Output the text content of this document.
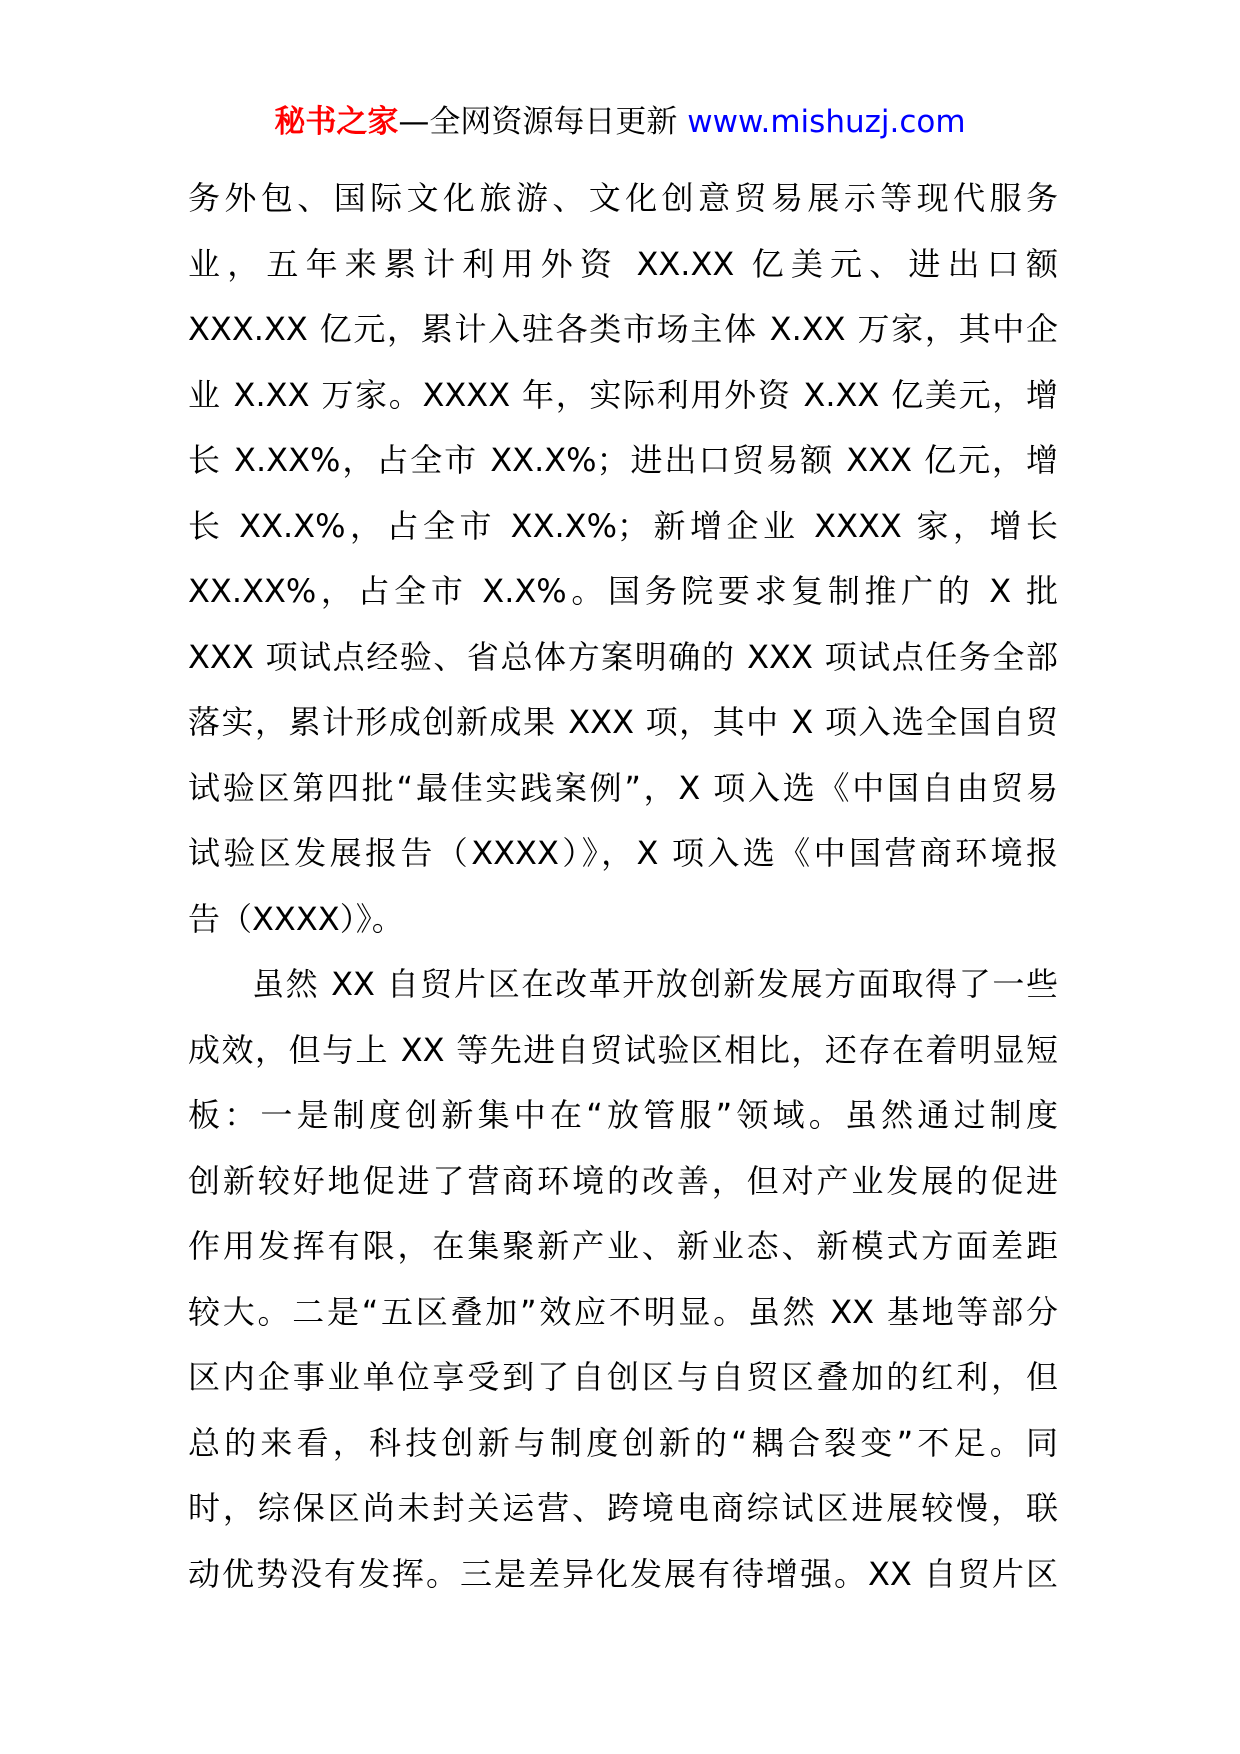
秘书之家—全网资源每日更新 www.mishuzj.com
务外包、国际文化旅游、文化创意贸易展示等现代服务
业，五年来累计利用外资 XX.XX 亿美元、进出口额
XXX.XX 亿元，累计入驻各类市场主体 X.XX 万家，其中企
业 X.XX 万家。XXXX 年，实际利用外资 X.XX 亿美元，增
长 X.XX%，占全市 XX.X%；进出口贸易额 XXX 亿元，增
长 XX.X%，占全市 XX.X%；新增企业 XXXX 家，增长
XX.XX%，占全市 X.X%。国务院要求复制推广的 X 批
XXX 项试点经验、省总体方案明确的 XXX 项试点任务全部
落实，累计形成创新成果 XXX 项，其中 X 项入选全国自贸
试验区第四批“最佳实践案例”，X 项入选《中国自由贸易
试验区发展报告（XXXX）》，X 项入选《中国营商环境报
告（XXXX）》。
虽然 XX 自贸片区在改革开放创新发展方面取得了一些
成效，但与上 XX 等先进自贸试验区相比，还存在着明显短
板：一是制度创新集中在“放管服”领域。虽然通过制度
创新较好地促进了营商环境的改善，但对产业发展的促进
作用发挥有限，在集聚新产业、新业态、新模式方面差距
较大。二是“五区叠加”效应不明显。虽然 XX 基地等部分
区内企事业单位享受到了自创区与自贸区叠加的红利，但
总的来看，科技创新与制度创新的“耦合裂变”不足。同
时，综保区尚未封关运营、跨境电商综试区进展较慢，联
动优势没有发挥。三是差异化发展有待增强。XX 自贸片区
